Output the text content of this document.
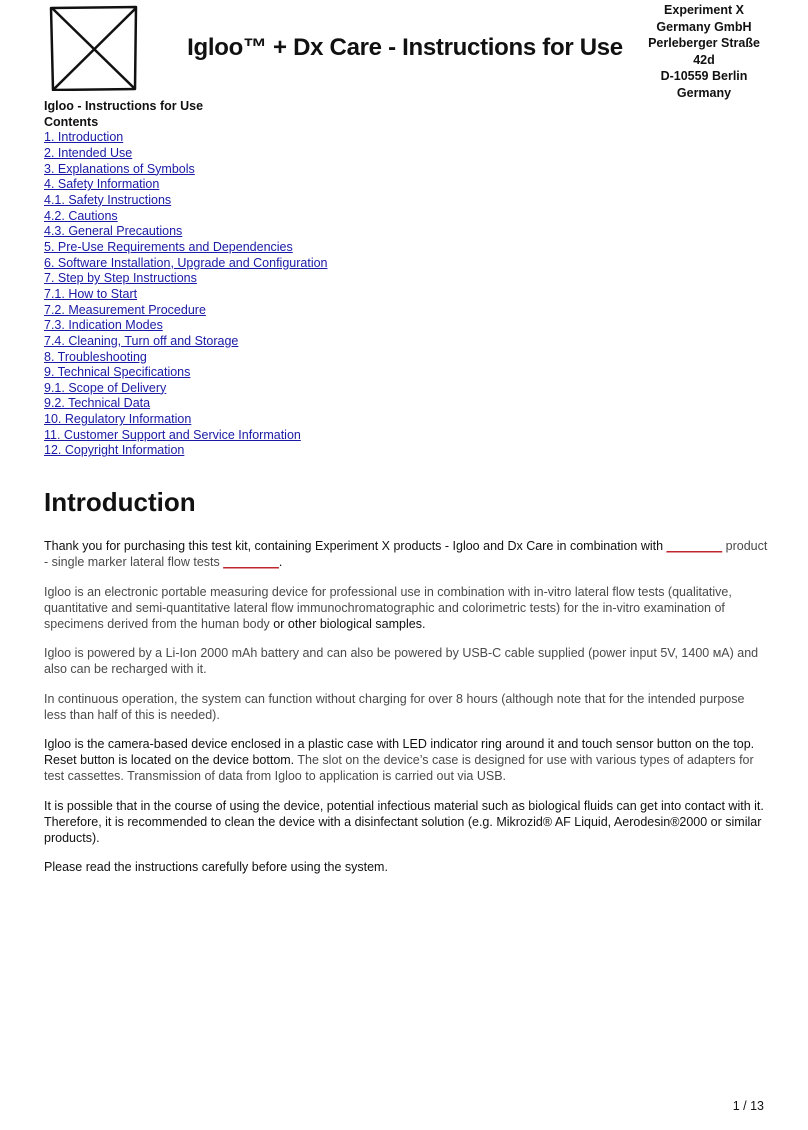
Igloo™ + Dx Care - Instructions for Use
Experiment X
Germany GmbH
Perleberger Straße
42d
D-10559 Berlin
Germany
Igloo - Instructions for Use
Contents
1. Introduction
2. Intended Use
3. Explanations of Symbols
4. Safety Information
4.1. Safety Instructions
4.2. Cautions
4.3. General Precautions
5. Pre-Use Requirements and Dependencies
6. Software Installation, Upgrade and Configuration
7. Step by Step Instructions
7.1. How to Start
7.2. Measurement Procedure
7.3. Indication Modes
7.4. Cleaning, Turn off and Storage
8. Troubleshooting
9. Technical Specifications
9.1. Scope of Delivery
9.2. Technical Data
10. Regulatory Information
11. Customer Support and Service Information
12. Copyright Information
Introduction

Thank you for purchasing this test kit, containing Experiment X products - Igloo and Dx Care in combination with ________ product - single marker lateral flow tests ________.

Igloo is an electronic portable measuring device for professional use in combination with in-vitro lateral flow tests (qualitative, quantitative and semi-quantitative lateral flow immunochromatographic and colorimetric tests) for the in-vitro examination of specimens derived from the human body or other biological samples.

Igloo is powered by a Li-Ion 2000 mAh battery and can also be powered by USB-C cable supplied (power input 5V, 1400 мA) and also can be recharged with it.

In continuous operation, the system can function without charging for over 8 hours (although note that for the intended purpose less than half of this is needed).

Igloo is the camera-based device enclosed in a plastic case with LED indicator ring around it and touch sensor button on the top. Reset button is located on the device bottom. The slot on the device’s case is designed for use with various types of adapters for test cassettes. Transmission of data from Igloo to application is carried out via USB.

It is possible that in the course of using the device, potential infectious material such as biological fluids can get into contact with it. Therefore, it is recommended to clean the device with a disinfectant solution (e.g. Mikrozid® AF Liquid, Aerodesin®2000 or similar products).

Please read the instructions carefully before using the system.

1 / 13
